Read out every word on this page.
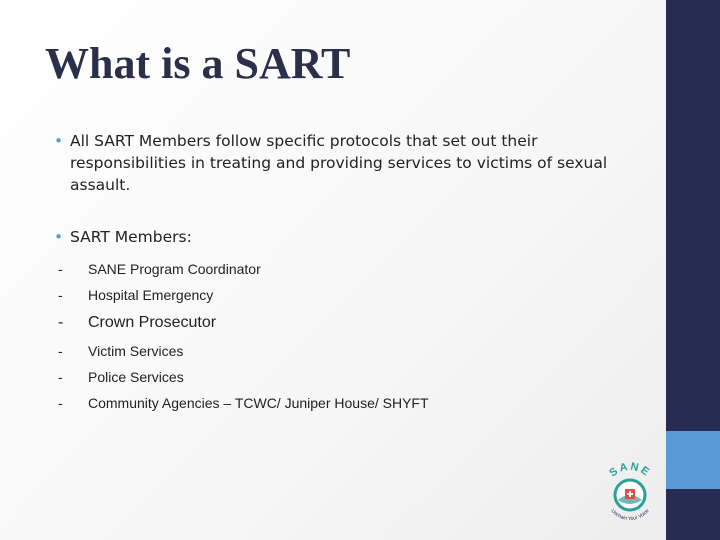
What is a SART
• All SART Members follow specific protocols that set out their responsibilities in treating and providing services to victims of sexual assault.
• SART Members:
- SANE Program Coordinator
- Hospital Emergency
- Crown Prosecutor
- Victim Services
- Police Services
- Community Agencies – TCWC/ Juniper House/ SHYFT
SANE
Unchain Your Voice
